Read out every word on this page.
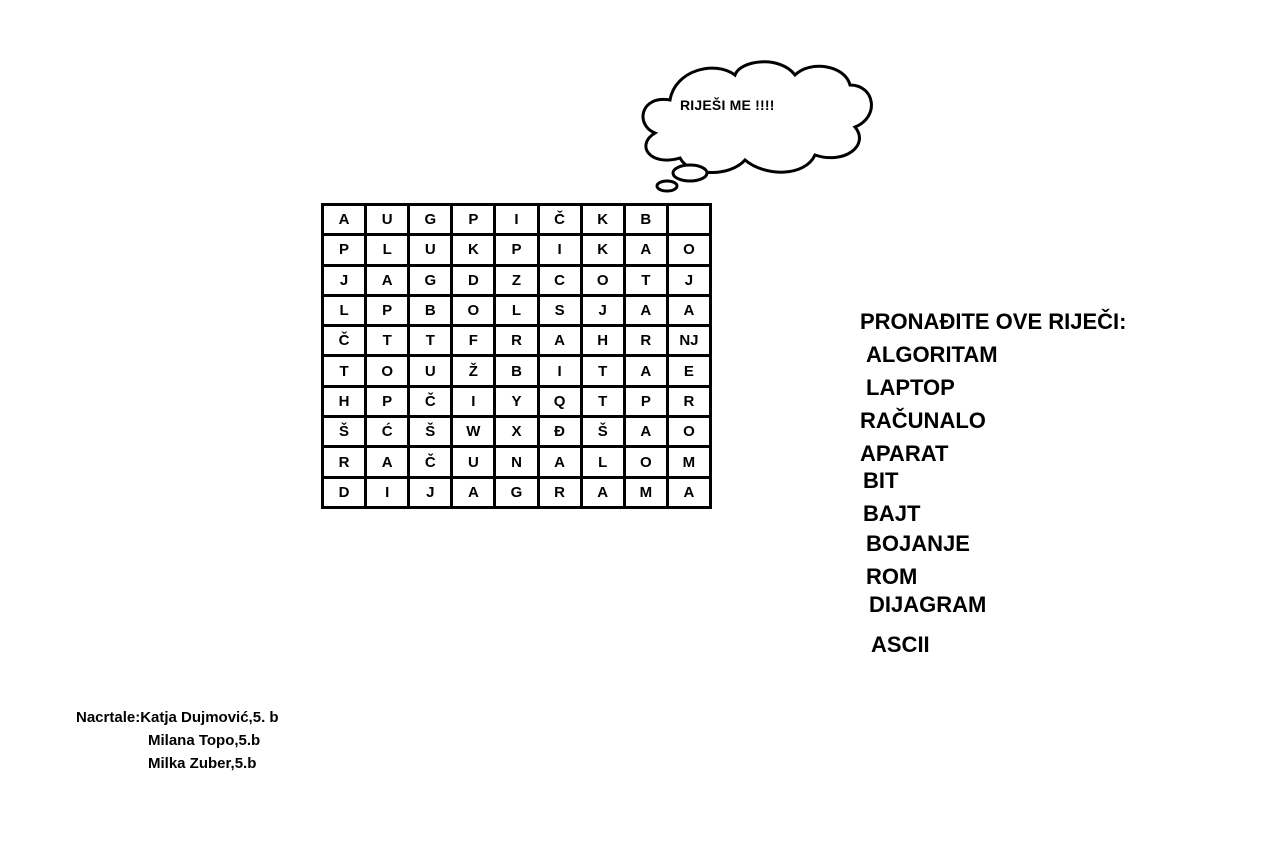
RIJEŠI ME !!!!
A	U	G	P	I	Č	K	B
P	L	U	K	P	I	K	A	O
J	A	G	D	Z	C	O	T	J
L	P	B	O	L	S	J	A	A
Č	T	T	F	R	A	H	R	NJ
T	O	U	Ž	B	I	T	A	E
H	P	Č	I	Y	Q	T	P	R
Š	Ć	Š	W	X	Đ	Š	A	O
R	A	Č	U	N	A	L	O	M
D	I	J	A	G	R	A	M	A
PRONAĐITE OVE RIJEČI:
ALGORITAM
LAPTOP
RAČUNALO
APARAT
BIT
BAJT
BOJANJE
ROM
DIJAGRAM
ASCII
Nacrtale:Katja Dujmović,5. b
Milana Topo,5.b
Milka Zuber,5.b
